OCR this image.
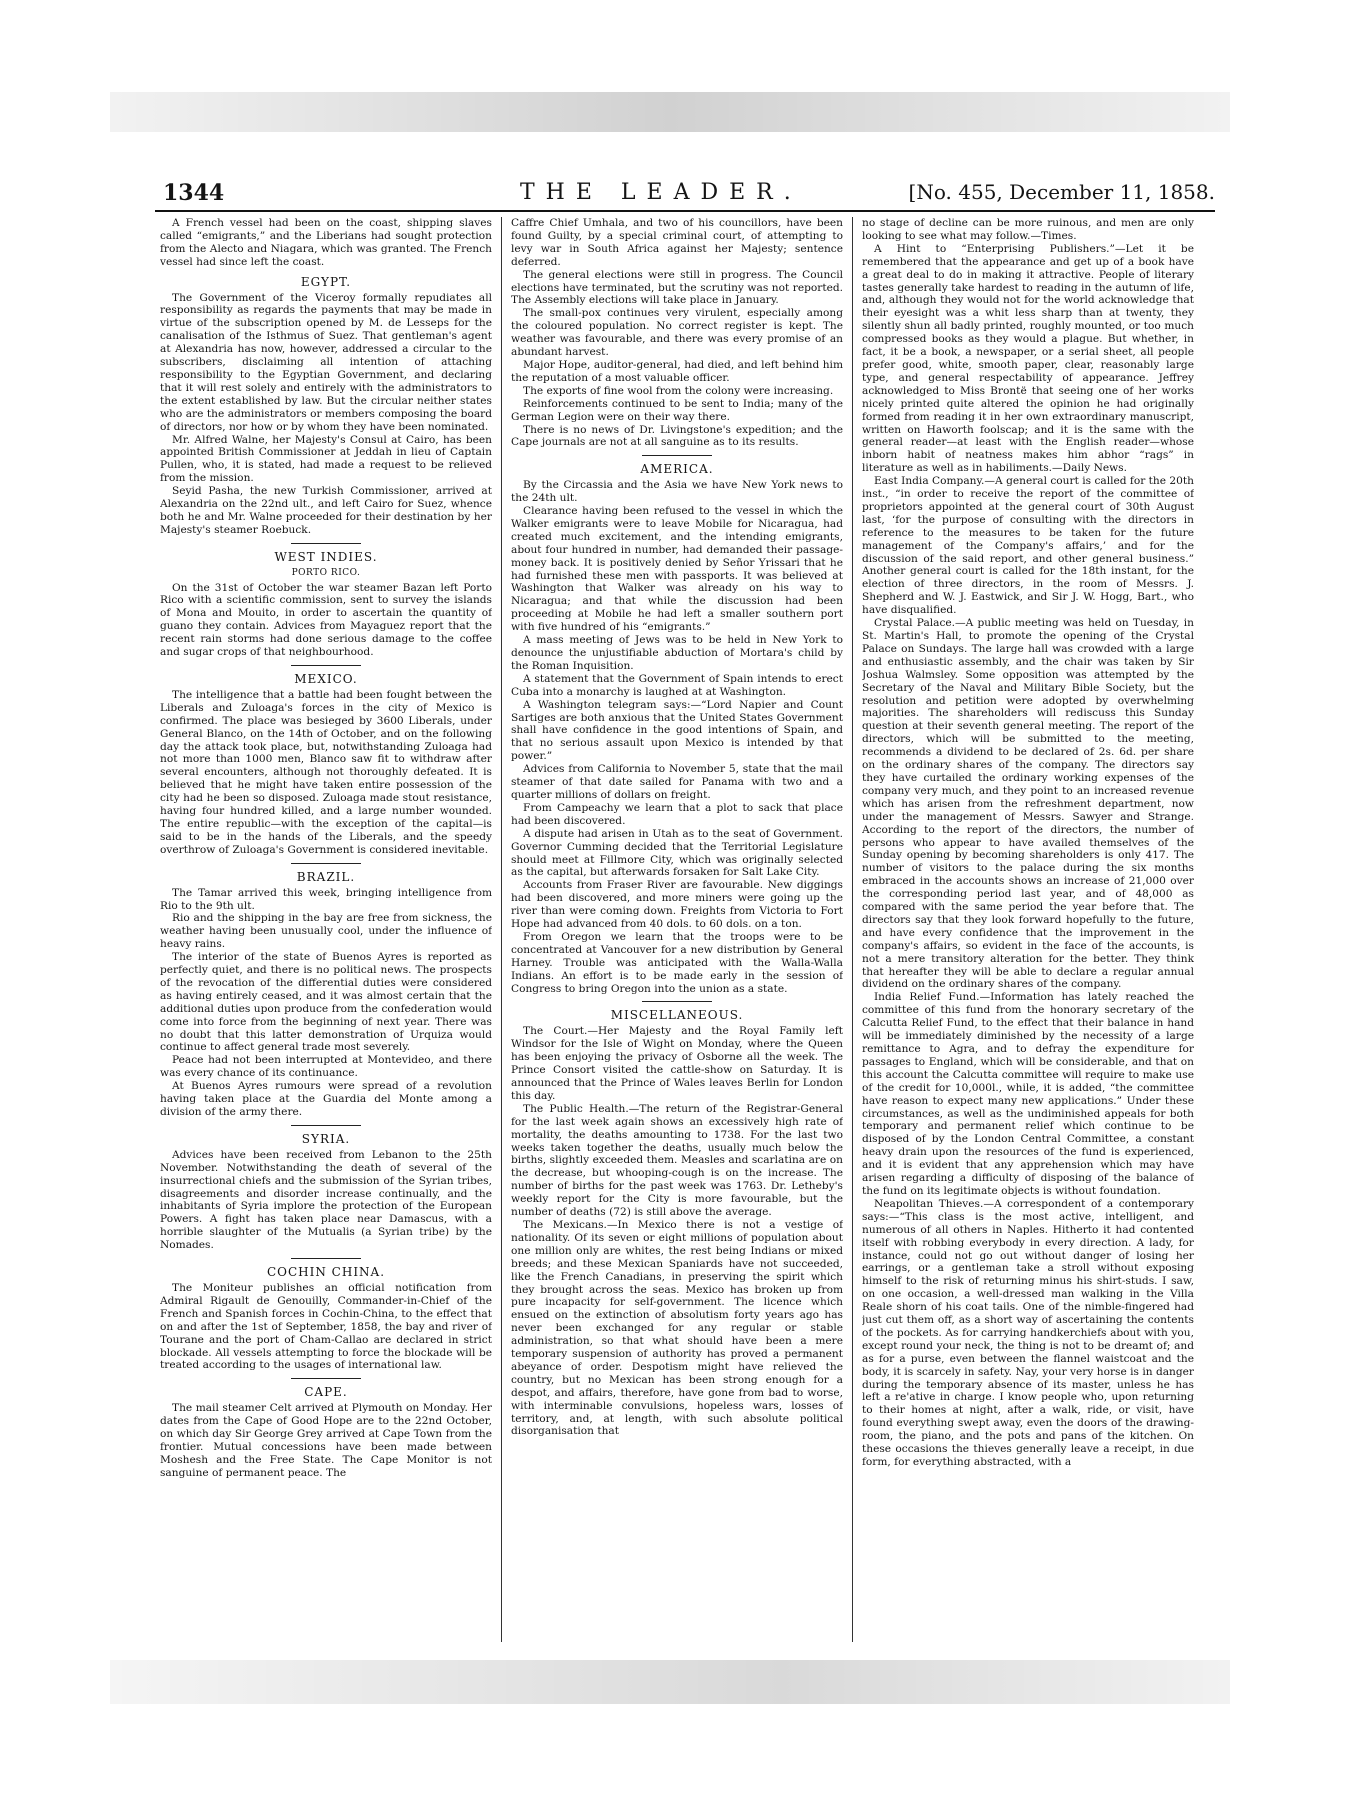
1344	THE LEADER.	[No. 455, December 11, 1858.

A French vessel had been on the coast, shipping slaves called “emigrants,” and the Liberians had sought protection from the Alecto and Niagara, which was granted. The French vessel had since left the coast.

EGYPT.

The Government of the Viceroy formally repudiates all responsibility as regards the payments that may be made in virtue of the subscription opened by M. de Lesseps for the canalisation of the Isthmus of Suez. That gentleman's agent at Alexandria has now, however, addressed a circular to the subscribers, disclaiming all intention of attaching responsibility to the Egyptian Government, and declaring that it will rest solely and entirely with the administrators to the extent established by law. But the circular neither states who are the administrators or members composing the board of directors, nor how or by whom they have been nominated.

Mr. Alfred Walne, her Majesty's Consul at Cairo, has been appointed British Commissioner at Jeddah in lieu of Captain Pullen, who, it is stated, had made a request to be relieved from the mission.

Seyid Pasha, the new Turkish Commissioner, arrived at Alexandria on the 22nd ult., and left Cairo for Suez, whence both he and Mr. Walne proceeded for their destination by her Majesty's steamer Roebuck.

WEST INDIES.
PORTO RICO.

On the 31st of October the war steamer Bazan left Porto Rico with a scientific commission, sent to survey the islands of Mona and Mouito, in order to ascertain the quantity of guano they contain. Advices from Mayaguez report that the recent rain storms had done serious damage to the coffee and sugar crops of that neighbourhood.

MEXICO.

The intelligence that a battle had been fought between the Liberals and Zuloaga's forces in the city of Mexico is confirmed. The place was besieged by 3600 Liberals, under General Blanco, on the 14th of October, and on the following day the attack took place, but, notwithstanding Zuloaga had not more than 1000 men, Blanco saw fit to withdraw after several encounters, although not thoroughly defeated. It is believed that he might have taken entire possession of the city had he been so disposed. Zuloaga made stout resistance, having four hundred killed, and a large number wounded. The entire republic—with the exception of the capital—is said to be in the hands of the Liberals, and the speedy overthrow of Zuloaga's Government is considered inevitable.

BRAZIL.

The Tamar arrived this week, bringing intelligence from Rio to the 9th ult.

Rio and the shipping in the bay are free from sickness, the weather having been unusually cool, under the influence of heavy rains.

The interior of the state of Buenos Ayres is reported as perfectly quiet, and there is no political news. The prospects of the revocation of the differential duties were considered as having entirely ceased, and it was almost certain that the additional duties upon produce from the confederation would come into force from the beginning of next year. There was no doubt that this latter demonstration of Urquiza would continue to affect general trade most severely.

Peace had not been interrupted at Montevideo, and there was every chance of its continuance.

At Buenos Ayres rumours were spread of a revolution having taken place at the Guardia del Monte among a division of the army there.

SYRIA.

Advices have been received from Lebanon to the 25th November. Notwithstanding the death of several of the insurrectional chiefs and the submission of the Syrian tribes, disagreements and disorder increase continually, and the inhabitants of Syria implore the protection of the European Powers. A fight has taken place near Damascus, with a horrible slaughter of the Mutualis (a Syrian tribe) by the Nomades.

COCHIN CHINA.

The Moniteur publishes an official notification from Admiral Rigault de Genouilly, Commander-in-Chief of the French and Spanish forces in Cochin-China, to the effect that on and after the 1st of September, 1858, the bay and river of Tourane and the port of Cham-Callao are declared in strict blockade. All vessels attempting to force the blockade will be treated according to the usages of international law.

CAPE.

The mail steamer Celt arrived at Plymouth on Monday. Her dates from the Cape of Good Hope are to the 22nd October, on which day Sir George Grey arrived at Cape Town from the frontier. Mutual concessions have been made between Moshesh and the Free State. The Cape Monitor is not sanguine of permanent peace. The

Caffre Chief Umhala, and two of his councillors, have been found Guilty, by a special criminal court, of attempting to levy war in South Africa against her Majesty; sentence deferred.

The general elections were still in progress. The Council elections have terminated, but the scrutiny was not reported. The Assembly elections will take place in January.

The small-pox continues very virulent, especially among the coloured population. No correct register is kept. The weather was favourable, and there was every promise of an abundant harvest.

Major Hope, auditor-general, had died, and left behind him the reputation of a most valuable officer.

The exports of fine wool from the colony were increasing.

Reinforcements continued to be sent to India; many of the German Legion were on their way there.

There is no news of Dr. Livingstone's expedition; and the Cape journals are not at all sanguine as to its results.

AMERICA.

By the Circassia and the Asia we have New York news to the 24th ult.

Clearance having been refused to the vessel in which the Walker emigrants were to leave Mobile for Nicaragua, had created much excitement, and the intending emigrants, about four hundred in number, had demanded their passage-money back. It is positively denied by Señor Yrissari that he had furnished these men with passports. It was believed at Washington that Walker was already on his way to Nicaragua; and that while the discussion had been proceeding at Mobile he had left a smaller southern port with five hundred of his “emigrants.”

A mass meeting of Jews was to be held in New York to denounce the unjustifiable abduction of Mortara's child by the Roman Inquisition.

A statement that the Government of Spain intends to erect Cuba into a monarchy is laughed at at Washington.

A Washington telegram says:—“Lord Napier and Count Sartiges are both anxious that the United States Government shall have confidence in the good intentions of Spain, and that no serious assault upon Mexico is intended by that power.”

Advices from California to November 5, state that the mail steamer of that date sailed for Panama with two and a quarter millions of dollars on freight.

From Campeachy we learn that a plot to sack that place had been discovered.

A dispute had arisen in Utah as to the seat of Government. Governor Cumming decided that the Territorial Legislature should meet at Fillmore City, which was originally selected as the capital, but afterwards forsaken for Salt Lake City.

Accounts from Fraser River are favourable. New diggings had been discovered, and more miners were going up the river than were coming down. Freights from Victoria to Fort Hope had advanced from 40 dols. to 60 dols. on a ton.

From Oregon we learn that the troops were to be concentrated at Vancouver for a new distribution by General Harney. Trouble was anticipated with the Walla-Walla Indians. An effort is to be made early in the session of Congress to bring Oregon into the union as a state.

MISCELLANEOUS.

The Court.—Her Majesty and the Royal Family left Windsor for the Isle of Wight on Monday, where the Queen has been enjoying the privacy of Osborne all the week. The Prince Consort visited the cattle-show on Saturday. It is announced that the Prince of Wales leaves Berlin for London this day.

The Public Health.—The return of the Registrar-General for the last week again shows an excessively high rate of mortality, the deaths amounting to 1738. For the last two weeks taken together the deaths, usually much below the births, slightly exceeded them. Measles and scarlatina are on the decrease, but whooping-cough is on the increase. The number of births for the past week was 1763. Dr. Letheby's weekly report for the City is more favourable, but the number of deaths (72) is still above the average.

The Mexicans.—In Mexico there is not a vestige of nationality. Of its seven or eight millions of population about one million only are whites, the rest being Indians or mixed breeds; and these Mexican Spaniards have not succeeded, like the French Canadians, in preserving the spirit which they brought across the seas. Mexico has broken up from pure incapacity for self-government. The licence which ensued on the extinction of absolutism forty years ago has never been exchanged for any regular or stable administration, so that what should have been a mere temporary suspension of authority has proved a permanent abeyance of order. Despotism might have relieved the country, but no Mexican has been strong enough for a despot, and affairs, therefore, have gone from bad to worse, with interminable convulsions, hopeless wars, losses of territory, and, at length, with such absolute political disorganisation that

no stage of decline can be more ruinous, and men are only looking to see what may follow.—Times.

A Hint to “Enterprising Publishers.”—Let it be remembered that the appearance and get up of a book have a great deal to do in making it attractive. People of literary tastes generally take hardest to reading in the autumn of life, and, although they would not for the world acknowledge that their eyesight was a whit less sharp than at twenty, they silently shun all badly printed, roughly mounted, or too much compressed books as they would a plague. But whether, in fact, it be a book, a newspaper, or a serial sheet, all people prefer good, white, smooth paper, clear, reasonably large type, and general respectability of appearance. Jeffrey acknowledged to Miss Brontë that seeing one of her works nicely printed quite altered the opinion he had originally formed from reading it in her own extraordinary manuscript, written on Haworth foolscap; and it is the same with the general reader—at least with the English reader—whose inborn habit of neatness makes him abhor “rags” in literature as well as in habiliments.—Daily News.

East India Company.—A general court is called for the 20th inst., “in order to receive the report of the committee of proprietors appointed at the general court of 30th August last, ‘for the purpose of consulting with the directors in reference to the measures to be taken for the future management of the Company's affairs,’ and for the discussion of the said report, and other general business.” Another general court is called for the 18th instant, for the election of three directors, in the room of Messrs. J. Shepherd and W. J. Eastwick, and Sir J. W. Hogg, Bart., who have disqualified.

Crystal Palace.—A public meeting was held on Tuesday, in St. Martin's Hall, to promote the opening of the Crystal Palace on Sundays. The large hall was crowded with a large and enthusiastic assembly, and the chair was taken by Sir Joshua Walmsley. Some opposition was attempted by the Secretary of the Naval and Military Bible Society, but the resolution and petition were adopted by overwhelming majorities. The shareholders will rediscuss this Sunday question at their seventh general meeting. The report of the directors, which will be submitted to the meeting, recommends a dividend to be declared of 2s. 6d. per share on the ordinary shares of the company. The directors say they have curtailed the ordinary working expenses of the company very much, and they point to an increased revenue which has arisen from the refreshment department, now under the management of Messrs. Sawyer and Strange. According to the report of the directors, the number of persons who appear to have availed themselves of the Sunday opening by becoming shareholders is only 417. The number of visitors to the palace during the six months embraced in the accounts shows an increase of 21,000 over the corresponding period last year, and of 48,000 as compared with the same period the year before that. The directors say that they look forward hopefully to the future, and have every confidence that the improvement in the company's affairs, so evident in the face of the accounts, is not a mere transitory alteration for the better. They think that hereafter they will be able to declare a regular annual dividend on the ordinary shares of the company.

India Relief Fund.—Information has lately reached the committee of this fund from the honorary secretary of the Calcutta Relief Fund, to the effect that their balance in hand will be immediately diminished by the necessity of a large remittance to Agra, and to defray the expenditure for passages to England, which will be considerable, and that on this account the Calcutta committee will require to make use of the credit for 10,000l., while, it is added, “the committee have reason to expect many new applications.” Under these circumstances, as well as the undiminished appeals for both temporary and permanent relief which continue to be disposed of by the London Central Committee, a constant heavy drain upon the resources of the fund is experienced, and it is evident that any apprehension which may have arisen regarding a difficulty of disposing of the balance of the fund on its legitimate objects is without foundation.

Neapolitan Thieves.—A correspondent of a contemporary says:—“This class is the most active, intelligent, and numerous of all others in Naples. Hitherto it had contented itself with robbing everybody in every direction. A lady, for instance, could not go out without danger of losing her earrings, or a gentleman take a stroll without exposing himself to the risk of returning minus his shirt-studs. I saw, on one occasion, a well-dressed man walking in the Villa Reale shorn of his coat tails. One of the nimble-fingered had just cut them off, as a short way of ascertaining the contents of the pockets. As for carrying handkerchiefs about with you, except round your neck, the thing is not to be dreamt of; and as for a purse, even between the flannel waistcoat and the body, it is scarcely in safety. Nay, your very horse is in danger during the temporary absence of its master, unless he has left a re'ative in charge. I know people who, upon returning to their homes at night, after a walk, ride, or visit, have found everything swept away, even the doors of the drawing-room, the piano, and the pots and pans of the kitchen. On these occasions the thieves generally leave a receipt, in due form, for everything abstracted, with a
